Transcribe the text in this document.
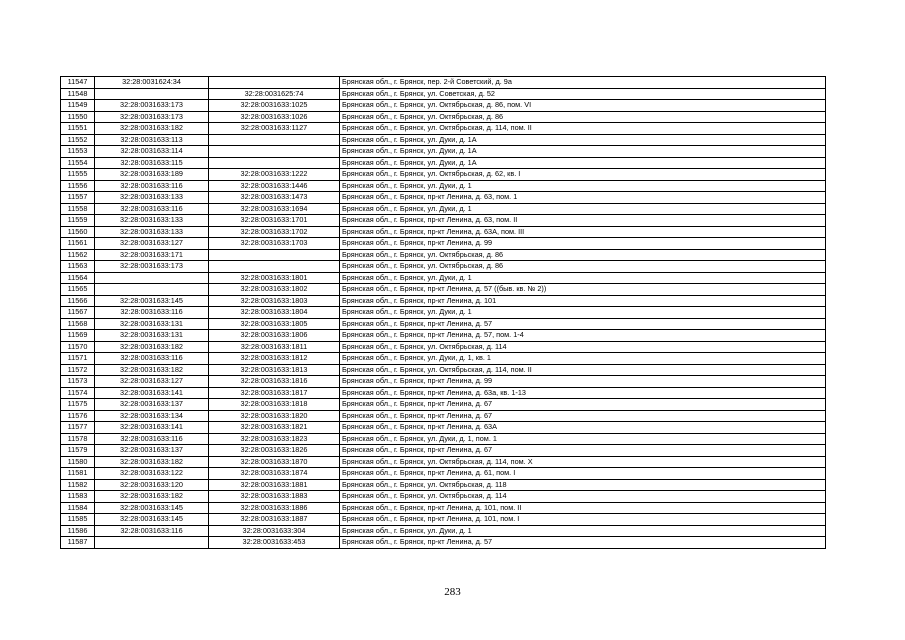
11547	32:28:0031624:34		Брянская обл., г. Брянск, пер. 2-й Советский, д. 9а
11548		32:28:0031625:74	Брянская обл., г. Брянск, ул. Советская, д. 52
11549	32:28:0031633:173	32:28:0031633:1025	Брянская обл., г. Брянск, ул. Октябрьская, д. 86, пом. VI
11550	32:28:0031633:173	32:28:0031633:1026	Брянская обл., г. Брянск, ул. Октябрьская, д. 86
11551	32:28:0031633:182	32:28:0031633:1127	Брянская обл., г. Брянск, ул. Октябрьская, д. 114, пом. II
11552	32:28:0031633:113		Брянская обл., г. Брянск, ул. Дуки, д. 1А
11553	32:28:0031633:114		Брянская обл., г. Брянск, ул. Дуки, д. 1А
11554	32:28:0031633:115		Брянская обл., г. Брянск, ул. Дуки, д. 1А
11555	32:28:0031633:189	32:28:0031633:1222	Брянская обл., г. Брянск, ул. Октябрьская, д. 62, кв. I
11556	32:28:0031633:116	32:28:0031633:1446	Брянская обл., г. Брянск, ул. Дуки, д. 1
11557	32:28:0031633:133	32:28:0031633:1473	Брянская обл., г. Брянск, пр-кт Ленина, д. 63, пом. 1
11558	32:28:0031633:116	32:28:0031633:1694	Брянская обл., г. Брянск, ул. Дуки, д. 1
11559	32:28:0031633:133	32:28:0031633:1701	Брянская обл., г. Брянск, пр-кт Ленина, д. 63, пом. II
11560	32:28:0031633:133	32:28:0031633:1702	Брянская обл., г. Брянск, пр-кт Ленина, д. 63А, пом. III
11561	32:28:0031633:127	32:28:0031633:1703	Брянская обл., г. Брянск, пр-кт Ленина, д. 99
11562	32:28:0031633:171		Брянская обл., г. Брянск, ул. Октябрьская, д. 86
11563	32:28:0031633:173		Брянская обл., г. Брянск, ул. Октябрьская, д. 86
11564		32:28:0031633:1801	Брянская обл., г. Брянск, ул. Дуки, д. 1
11565		32:28:0031633:1802	Брянская обл., г. Брянск, пр-кт Ленина, д. 57 ((быв. кв. № 2))
11566	32:28:0031633:145	32:28:0031633:1803	Брянская обл., г. Брянск, пр-кт Ленина, д. 101
11567	32:28:0031633:116	32:28:0031633:1804	Брянская обл., г. Брянск, ул. Дуки, д. 1
11568	32:28:0031633:131	32:28:0031633:1805	Брянская обл., г. Брянск, пр-кт Ленина, д. 57
11569	32:28:0031633:131	32:28:0031633:1806	Брянская обл., г. Брянск, пр-кт Ленина, д. 57, пом. 1-4
11570	32:28:0031633:182	32:28:0031633:1811	Брянская обл., г. Брянск, ул. Октябрьская, д. 114
11571	32:28:0031633:116	32:28:0031633:1812	Брянская обл., г. Брянск, ул. Дуки, д. 1, кв. 1
11572	32:28:0031633:182	32:28:0031633:1813	Брянская обл., г. Брянск, ул. Октябрьская, д. 114, пом. II
11573	32:28:0031633:127	32:28:0031633:1816	Брянская обл., г. Брянск, пр-кт Ленина, д. 99
11574	32:28:0031633:141	32:28:0031633:1817	Брянская обл., г. Брянск, пр-кт Ленина, д. 63а, кв. 1-13
11575	32:28:0031633:137	32:28:0031633:1818	Брянская обл., г. Брянск, пр-кт Ленина, д. 67
11576	32:28:0031633:134	32:28:0031633:1820	Брянская обл., г. Брянск, пр-кт Ленина, д. 67
11577	32:28:0031633:141	32:28:0031633:1821	Брянская обл., г. Брянск, пр-кт Ленина, д. 63А
11578	32:28:0031633:116	32:28:0031633:1823	Брянская обл., г. Брянск, ул. Дуки, д. 1, пом. 1
11579	32:28:0031633:137	32:28:0031633:1826	Брянская обл., г. Брянск, пр-кт Ленина, д. 67
11580	32:28:0031633:182	32:28:0031633:1870	Брянская обл., г. Брянск, ул. Октябрьская, д. 114, пом. X
11581	32:28:0031633:122	32:28:0031633:1874	Брянская обл., г. Брянск, пр-кт Ленина, д. 61, пом. I
11582	32:28:0031633:120	32:28:0031633:1881	Брянская обл., г. Брянск, ул. Октябрьская, д. 118
11583	32:28:0031633:182	32:28:0031633:1883	Брянская обл., г. Брянск, ул. Октябрьская, д. 114
11584	32:28:0031633:145	32:28:0031633:1886	Брянская обл., г. Брянск, пр-кт Ленина, д. 101, пом. II
11585	32:28:0031633:145	32:28:0031633:1887	Брянская обл., г. Брянск, пр-кт Ленина, д. 101, пом. I
11586	32:28:0031633:116	32:28:0031633:304	Брянская обл., г. Брянск, ул. Дуки, д. 1
11587		32:28:0031633:453	Брянская обл., г. Брянск, пр-кт Ленина, д. 57
283
